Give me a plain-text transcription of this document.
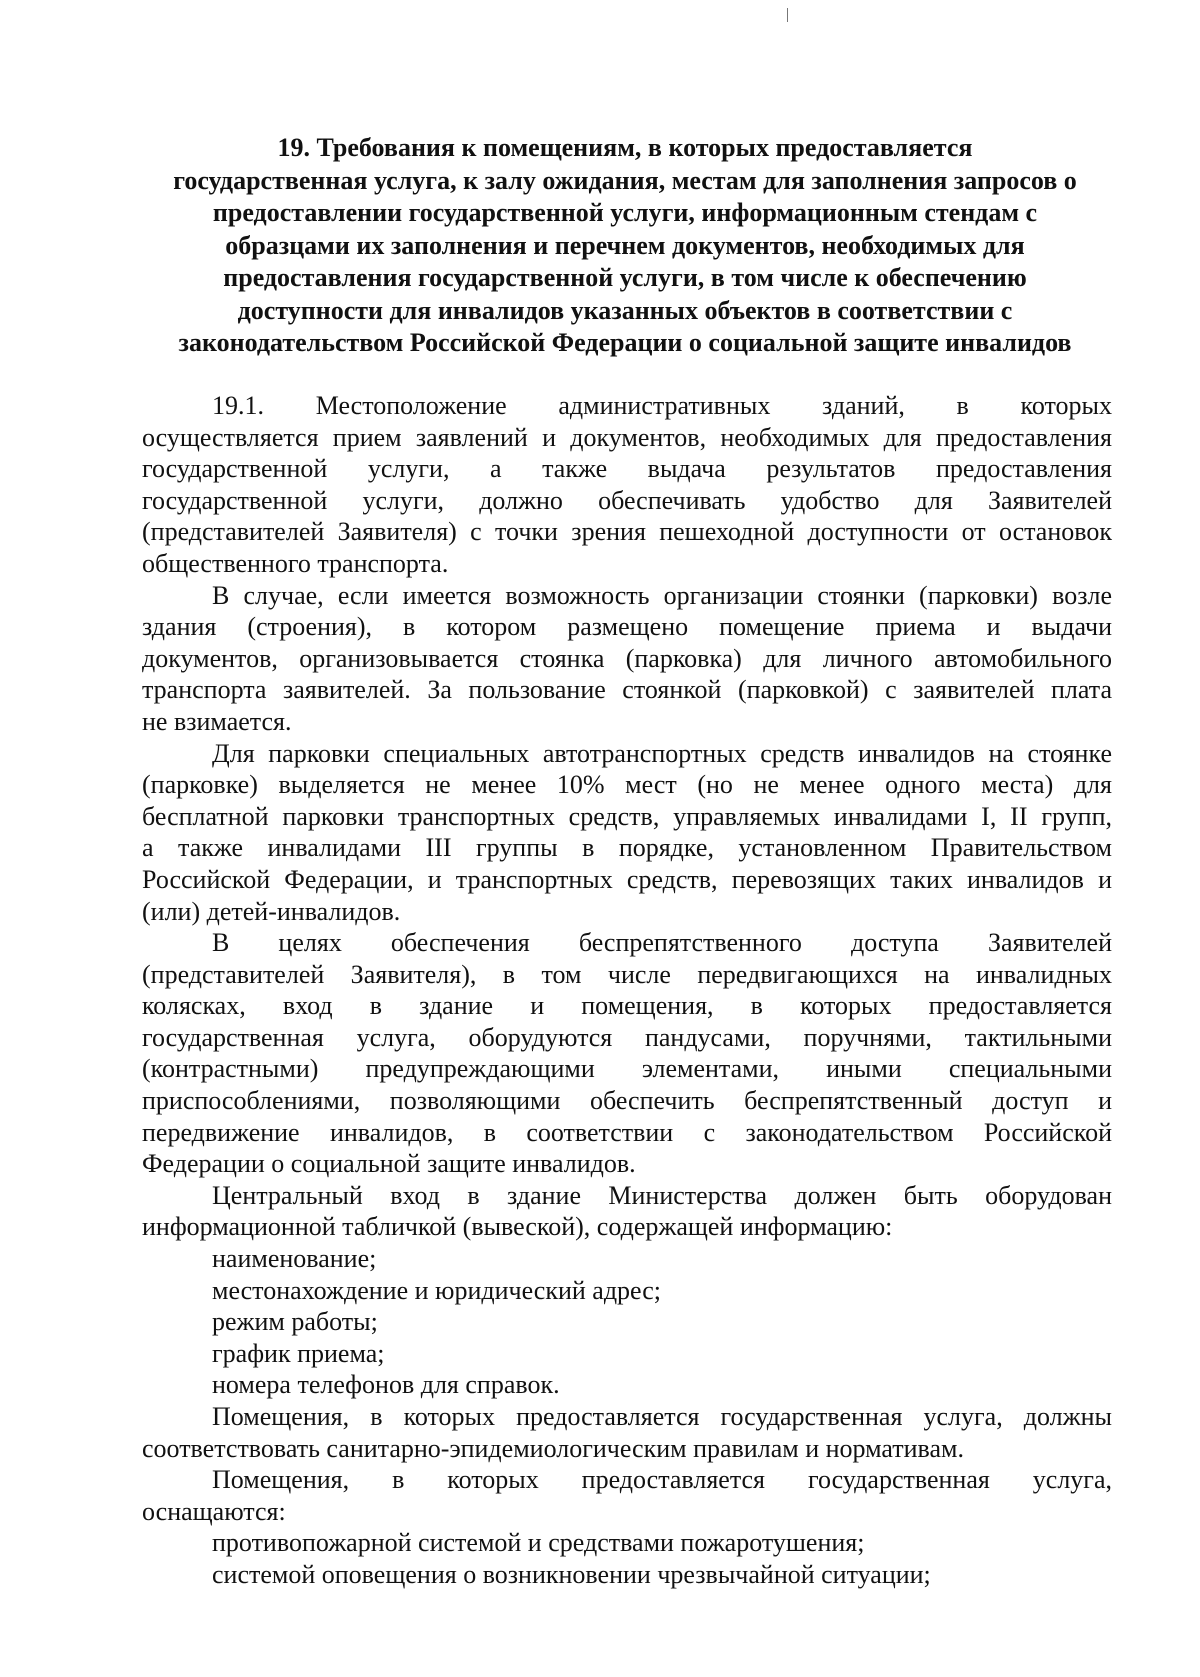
19. Требования к помещениям, в которых предоставляется
государственная услуга, к залу ожидания, местам для заполнения запросов о
предоставлении государственной услуги, информационным стендам с
образцами их заполнения и перечнем документов, необходимых для
предоставления государственной услуги, в том числе к обеспечению
доступности для инвалидов указанных объектов в соответствии с
законодательством Российской Федерации о социальной защите инвалидов
19.1. Местоположение административных зданий, в которых
осуществляется прием заявлений и документов, необходимых для предоставления
государственной услуги, а также выдача результатов предоставления
государственной услуги, должно обеспечивать удобство для Заявителей
(представителей Заявителя) с точки зрения пешеходной доступности от остановок
общественного транспорта.
В случае, если имеется возможность организации стоянки (парковки) возле
здания (строения), в котором размещено помещение приема и выдачи
документов, организовывается стоянка (парковка) для личного автомобильного
транспорта заявителей. За пользование стоянкой (парковкой) с заявителей плата
не взимается.
Для парковки специальных автотранспортных средств инвалидов на стоянке
(парковке) выделяется не менее 10% мест (но не менее одного места) для
бесплатной парковки транспортных средств, управляемых инвалидами I, II групп,
а также инвалидами III группы в порядке, установленном Правительством
Российской Федерации, и транспортных средств, перевозящих таких инвалидов и
(или) детей-инвалидов.
В целях обеспечения беспрепятственного доступа Заявителей
(представителей Заявителя), в том числе передвигающихся на инвалидных
колясках, вход в здание и помещения, в которых предоставляется
государственная услуга, оборудуются пандусами, поручнями, тактильными
(контрастными) предупреждающими элементами, иными специальными
приспособлениями, позволяющими обеспечить беспрепятственный доступ и
передвижение инвалидов, в соответствии с законодательством Российской
Федерации о социальной защите инвалидов.
Центральный вход в здание Министерства должен быть оборудован
информационной табличкой (вывеской), содержащей информацию:
наименование;
местонахождение и юридический адрес;
режим работы;
график приема;
номера телефонов для справок.
Помещения, в которых предоставляется государственная услуга, должны
соответствовать санитарно-эпидемиологическим правилам и нормативам.
Помещения, в которых предоставляется государственная услуга,
оснащаются:
противопожарной системой и средствами пожаротушения;
системой оповещения о возникновении чрезвычайной ситуации;
